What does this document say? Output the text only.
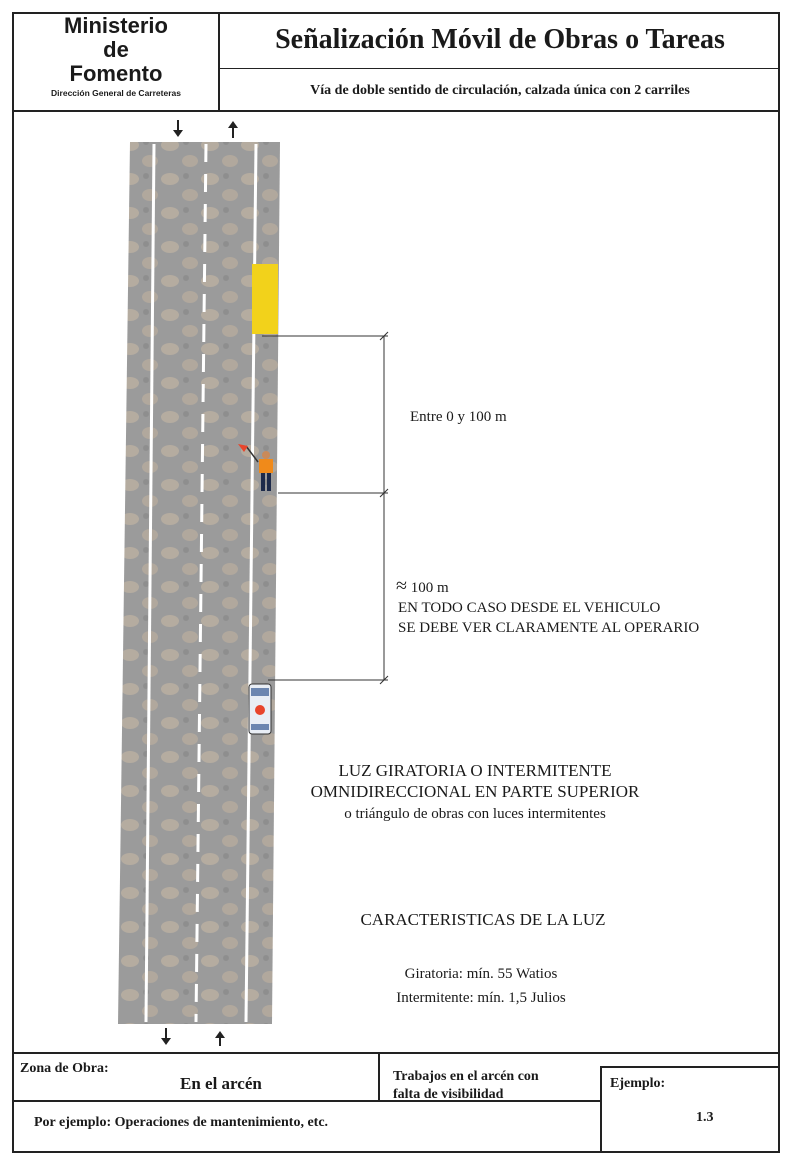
Ministerio
de
Fomento
Dirección General de Carreteras
Señalización Móvil de Obras o Tareas
Vía de doble sentido de circulación, calzada única con 2 carriles
Entre 0 y 100 m
≈ 100 m
EN TODO CASO DESDE EL VEHICULO
SE DEBE VER CLARAMENTE AL OPERARIO
LUZ GIRATORIA O INTERMITENTE
OMNIDIRECCIONAL EN PARTE SUPERIOR
o triángulo de obras con luces intermitentes
CARACTERISTICAS DE LA LUZ
Giratoria: mín. 55 Watios
Intermitente: mín. 1,5 Julios
Zona de Obra:
En el arcén	Trabajos en el arcén con
falta de visibilidad
Ejemplo:
1.3
Por ejemplo: Operaciones de mantenimiento, etc.
